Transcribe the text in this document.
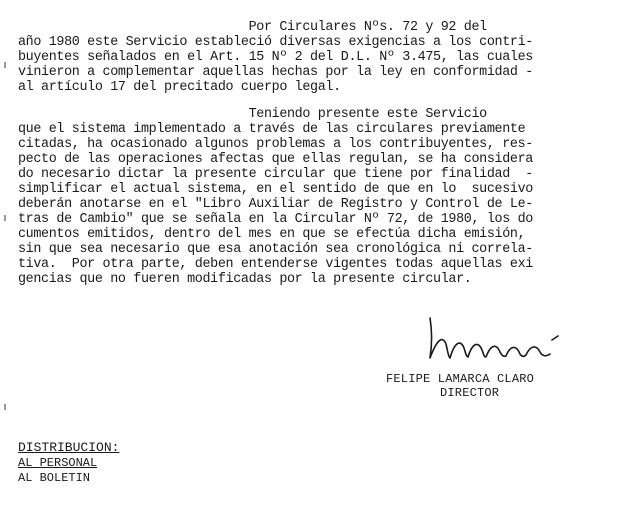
Por Circulares Nºs. 72 y 92 del
año 1980 este Servicio estableció diversas exigencias a los contri-
buyentes señalados en el Art. 15 Nº 2 del D.L. Nº 3.475, las cuales
vinieron a complementar aquellas hechas por la ley en conformidad -
al artículo 17 del precitado cuerpo legal.
Teniendo presente este Servicio
que el sistema implementado a través de las circulares previamente
citadas, ha ocasionado algunos problemas a los contribuyentes, res-
pecto de las operaciones afectas que ellas regulan, se ha considera
do necesario dictar la presente circular que tiene por finalidad  -
simplificar el actual sistema, en el sentido de que en lo  sucesivo
deberán anotarse en el "Libro Auxiliar de Registro y Control de Le-
tras de Cambio" que se señala en la Circular Nº 72, de 1980, los do
cumentos emitidos, dentro del mes en que se efectúa dicha emisión,
sin que sea necesario que esa anotación sea cronológica ni correla-
tiva.  Por otra parte, deben entenderse vigentes todas aquellas exi
gencias que no fueren modificadas por la presente circular.
FELIPE LAMARCA CLARO
DIRECTOR
DISTRIBUCION:
AL PERSONAL
AL BOLETIN
